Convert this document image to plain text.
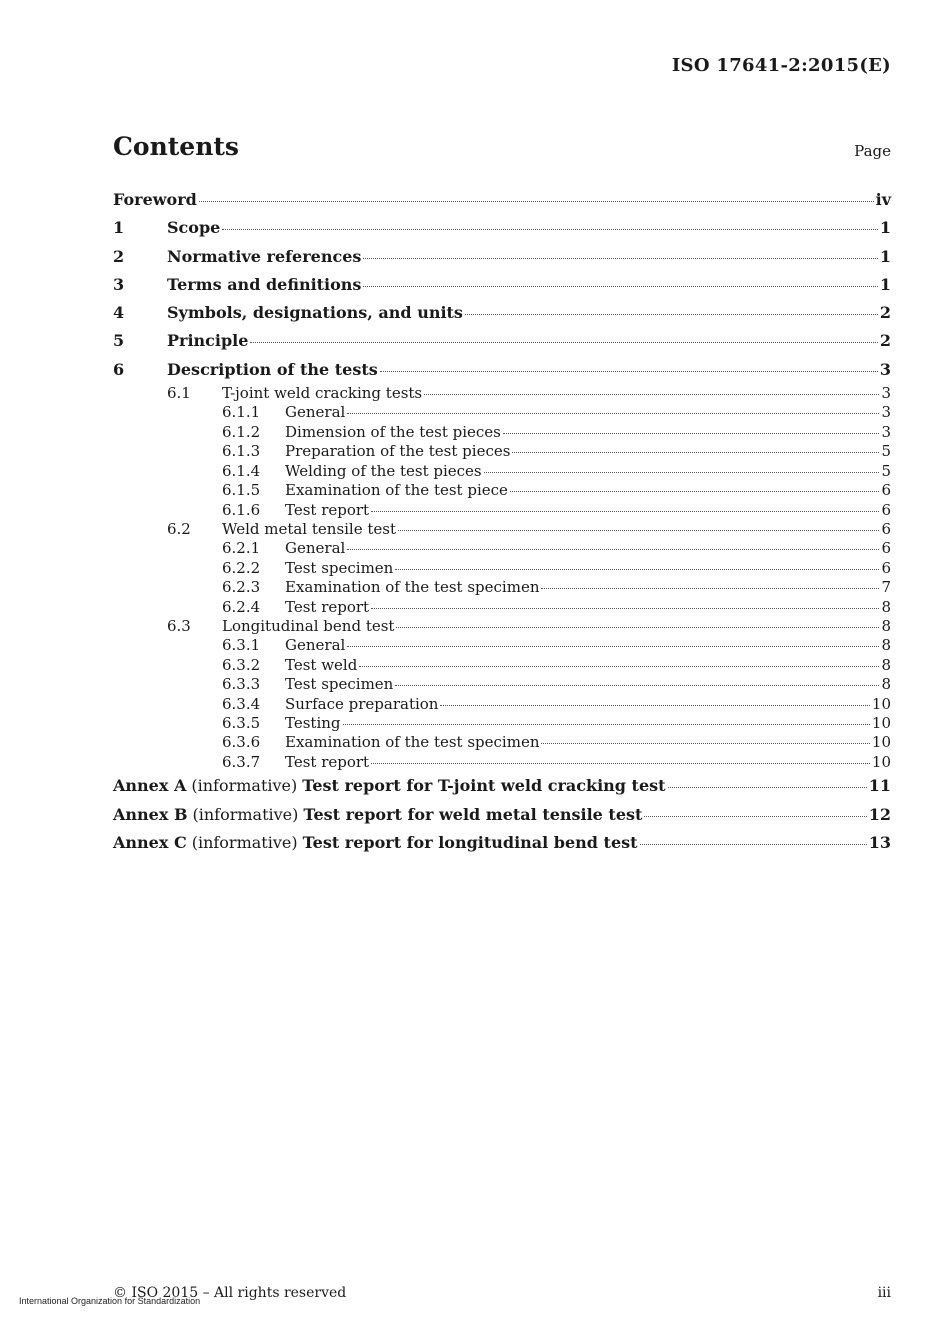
ISO 17641-2:2015(E)
Contents	Page
Foreword	iv
1	Scope	1
2	Normative references	1
3	Terms and definitions	1
4	Symbols, designations, and units	2
5	Principle	2
6	Description of the tests	3
6.1 T-joint weld cracking tests	3
6.1.1 General	3
6.1.2 Dimension of the test pieces	3
6.1.3 Preparation of the test pieces	5
6.1.4 Welding of the test pieces	5
6.1.5 Examination of the test piece	6
6.1.6 Test report	6
6.2 Weld metal tensile test	6
6.2.1 General	6
6.2.2 Test specimen	6
6.2.3 Examination of the test specimen	7
6.2.4 Test report	8
6.3 Longitudinal bend test	8
6.3.1 General	8
6.3.2 Test weld	8
6.3.3 Test specimen	8
6.3.4 Surface preparation	10
6.3.5 Testing	10
6.3.6 Examination of the test specimen	10
6.3.7 Test report	10
Annex A (informative) Test report for T-joint weld cracking test	11
Annex B (informative) Test report for weld metal tensile test	12
Annex C (informative) Test report for longitudinal bend test	13
© ISO 2015 – All rights reserved	iii
International Organization for Standardization
